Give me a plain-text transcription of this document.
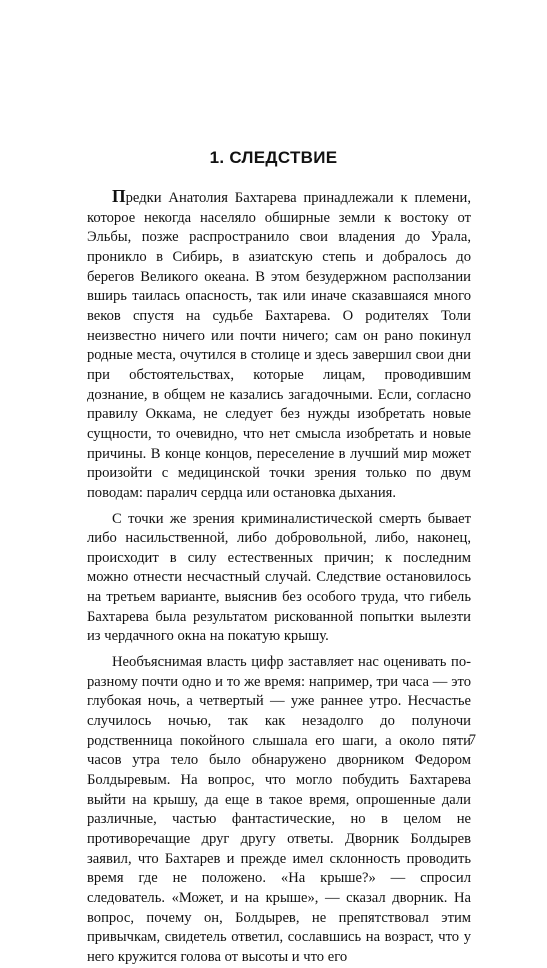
1. СЛЕДСТВИЕ

Предки Анатолия Бахтарева принадлежали к племени, которое некогда населяло обширные земли к востоку от Эльбы, позже распространило свои владения до Урала, проникло в Сибирь, в азиатскую степь и добралось до берегов Великого океана. В этом безудержном расползании вширь таилась опасность, так или иначе сказавшаяся много веков спустя на судьбе Бахтарева. О родителях Толи неизвестно ничего или почти ничего; сам он рано покинул родные места, очутился в столице и здесь завершил свои дни при обстоятельствах, которые лицам, проводившим дознание, в общем не казались загадочными. Если, согласно правилу Оккама, не следует без нужды изобретать новые сущности, то очевидно, что нет смысла изобретать и новые причины. В конце концов, переселение в лучший мир может произойти с медицинской точки зрения только по двум поводам: паралич сердца или остановка дыхания.

С точки же зрения криминалистической смерть бывает либо насильственной, либо добровольной, либо, наконец, происходит в силу естественных причин; к последним можно отнести несчастный случай. Следствие остановилось на третьем варианте, выяснив без особого труда, что гибель Бахтарева была результатом рискованной попытки вылезти из чердачного окна на покатую крышу.

Необъяснимая власть цифр заставляет нас оценивать по-разному почти одно и то же время: например, три часа — это глубокая ночь, а четвертый — уже раннее утро. Несчастье случилось ночью, так как незадолго до полуночи родственница покойного слышала его шаги, а около пяти часов утра тело было обнаружено дворником Федором Болдыревым. На вопрос, что могло побудить Бахтарева выйти на крышу, да еще в такое время, опрошенные дали различные, частью фантастические, но в целом не противоречащие друг другу ответы. Дворник Болдырев заявил, что Бахтарев и прежде имел склонность проводить время где не положено. «На крыше?» — спросил следователь. «Может, и на крыше», — сказал дворник. На вопрос, почему он, Болдырев, не препятствовал этим привычкам, свидетель ответил, сославшись на возраст, что у него кружится голова от высоты и что его

7
